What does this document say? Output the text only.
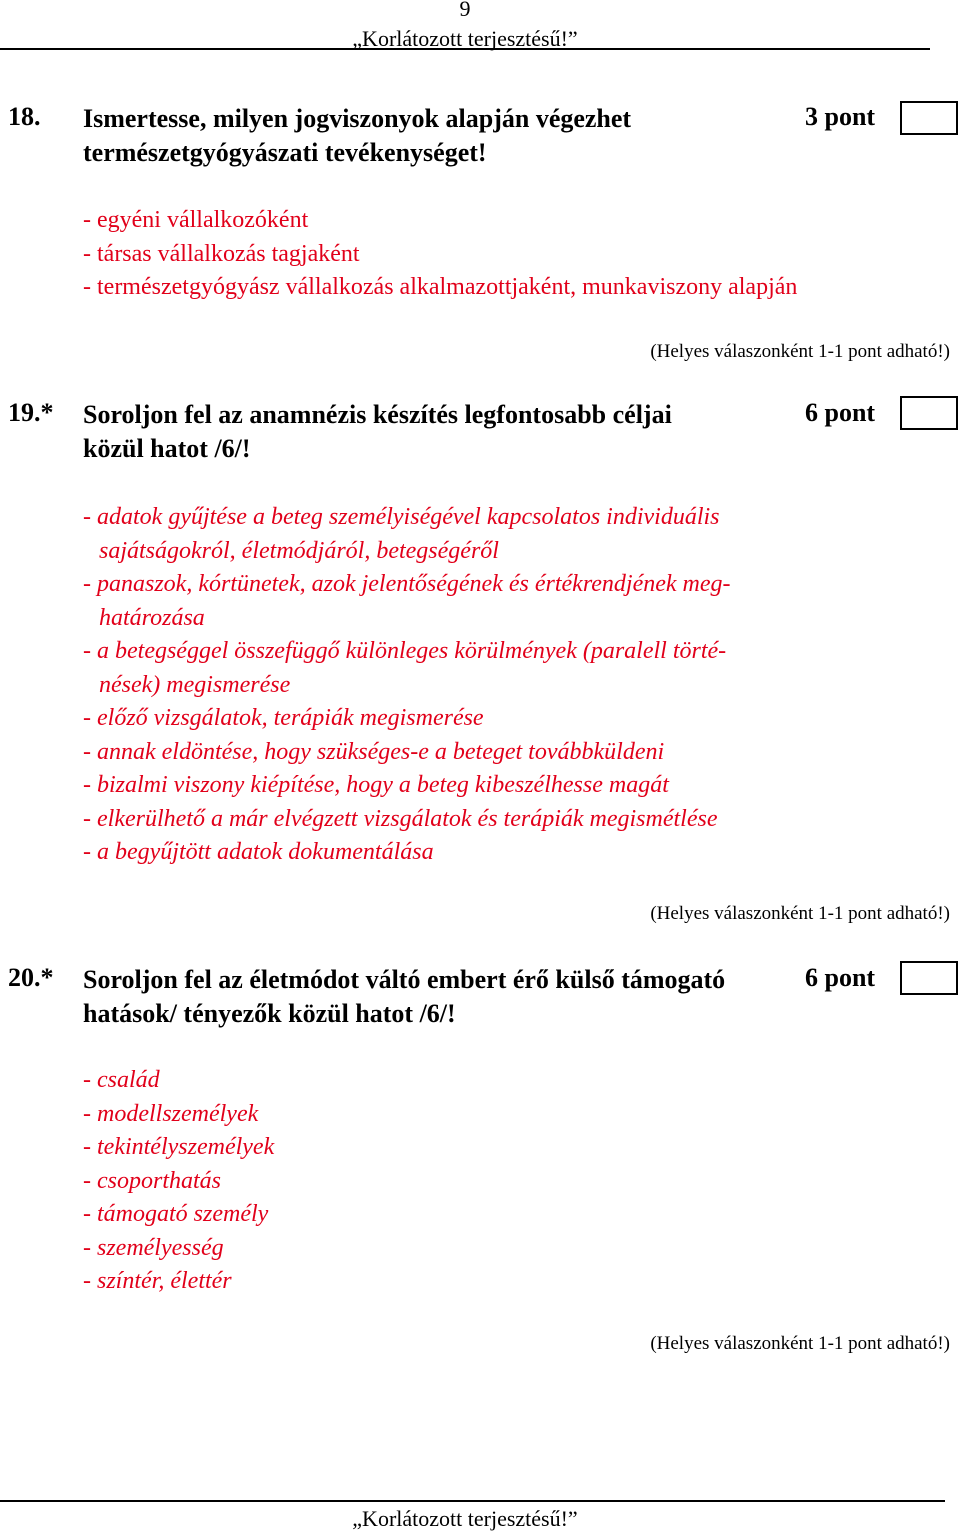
9
„Korlátozott terjesztésű!”
18. Ismertesse, milyen jogviszonyok alapján végezhet természetgyógyászati tevékenységet!
3 pont
- egyéni vállalkozóként
- társas vállalkozás tagjaként
- természetgyógyász vállalkozás alkalmazottjaként, munkaviszony alapján
(Helyes válaszonként 1-1 pont adható!)
19.* Soroljon fel az anamnézis készítés legfontosabb céljai
közül hatot /6/!
6 pont
- adatok gyűjtése a beteg személyiségével kapcsolatos individuális
sajátságokról, életmódjáról, betegségéről
- panaszok, kórtünetek, azok jelentőségének és értékrendjének meg-
határozása
- a betegséggel összefüggő különleges körülmények (paralell törté-
nések) megismerése
- előző vizsgálatok, terápiák megismerése
- annak eldöntése, hogy szükséges-e a beteget továbbküldeni
- bizalmi viszony kiépítése, hogy a beteg kibeszélhesse magát
- elkerülhető a már elvégzett vizsgálatok és terápiák megismétlése
- a begyűjtött adatok dokumentálása
(Helyes válaszonként 1-1 pont adható!)
20.* Soroljon fel az életmódot váltó embert érő külső támogató
hatások/ tényezők közül hatot /6/!
6 pont
- család
- modellszemélyek
- tekintélyszemélyek
- csoporthatás
- támogató személy
- személyesség
- színtér, élettér
(Helyes válaszonként 1-1 pont adható!)
„Korlátozott terjesztésű!”
